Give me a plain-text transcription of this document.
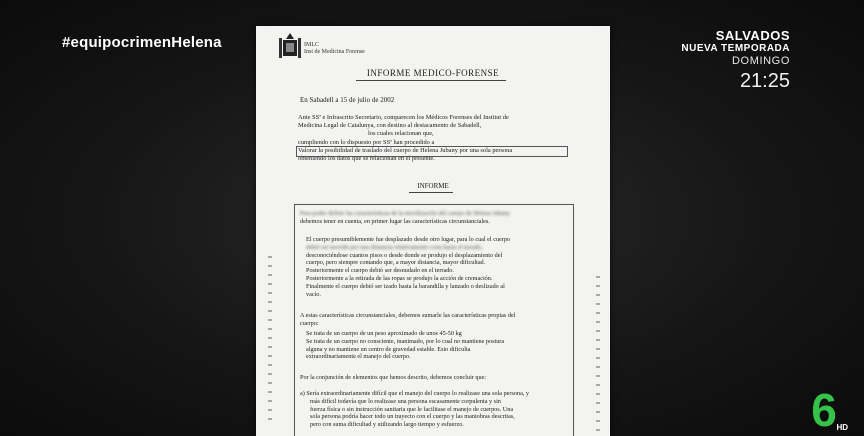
#equipocrimenHelena	SALVADOS
NUEVA TEMPORADA
DOMINGO
21:25
IMLC
Inst de Medicina Forense
INFORME MEDICO-FORENSE
En Sabadell a 15 de julio de 2002
Ante SSª e Infrascrito Secretario, comparecen los Médicos Forenses del Institut de
Medicina Legal de Catalunya, con destino al destacamento de Sabadell,
los cuales relacionan que,
cumpliendo con lo dispuesto por SSª han procedido a
Valorar la posibilidad de traslado del cuerpo de Helena Jubany por una sola persona
obteniendo los datos que se relacionan en el presente.
INFORME
Para poder definir las características de la movilización del cuerpo de Helena Jubany
debemos tener en cuenta, en primer lugar las características circunstanciales.
El cuerpo presumiblemente fue desplazado desde otro lugar, para lo cual el cuerpo
debió ser movido por una distancia relativamente corta hasta el terrado,
desconociéndose cuantos pisos o desde donde se produjo el desplazamiento del
cuerpo, pero siempre contando que, a mayor distancia, mayor dificultad.
Posteriormente el cuerpo debió ser desnudado en el terrado.
Posteriormente a la retirada de las ropas se produjo la acción de cremación.
Finalmente el cuerpo debió ser izado hasta la barandilla y lanzado o deslizado al
vacío.
A estas características circunstanciales, debemos sumarle las características propias del
cuerpo:
Se trata de un cuerpo de un peso aproximado de unos 45-50 kg
Se trata de un cuerpo no consciente, inanimado, por lo cual no mantiene postura
alguna y no mantiene un centro de gravedad estable. Esto dificulta
extraordinariamente el manejo del cuerpo.
Por la conjunción de elementos que hemos descrito, debemos concluir que:
a) Sería extraordinariamente difícil que el manejo del cuerpo lo realizase una sola persona, y
más difícil todavía que lo realizase una persona escasamente corpulenta y sin
fuerza física o sin instrucción sanitaria que le facilitase el manejo de cuerpos. Una
sola persona podría hacer todo un trayecto con el cuerpo y las maniobras descritas,
pero con suma dificultad y utilizando largo tiempo y esfuerzo.	6 HD
